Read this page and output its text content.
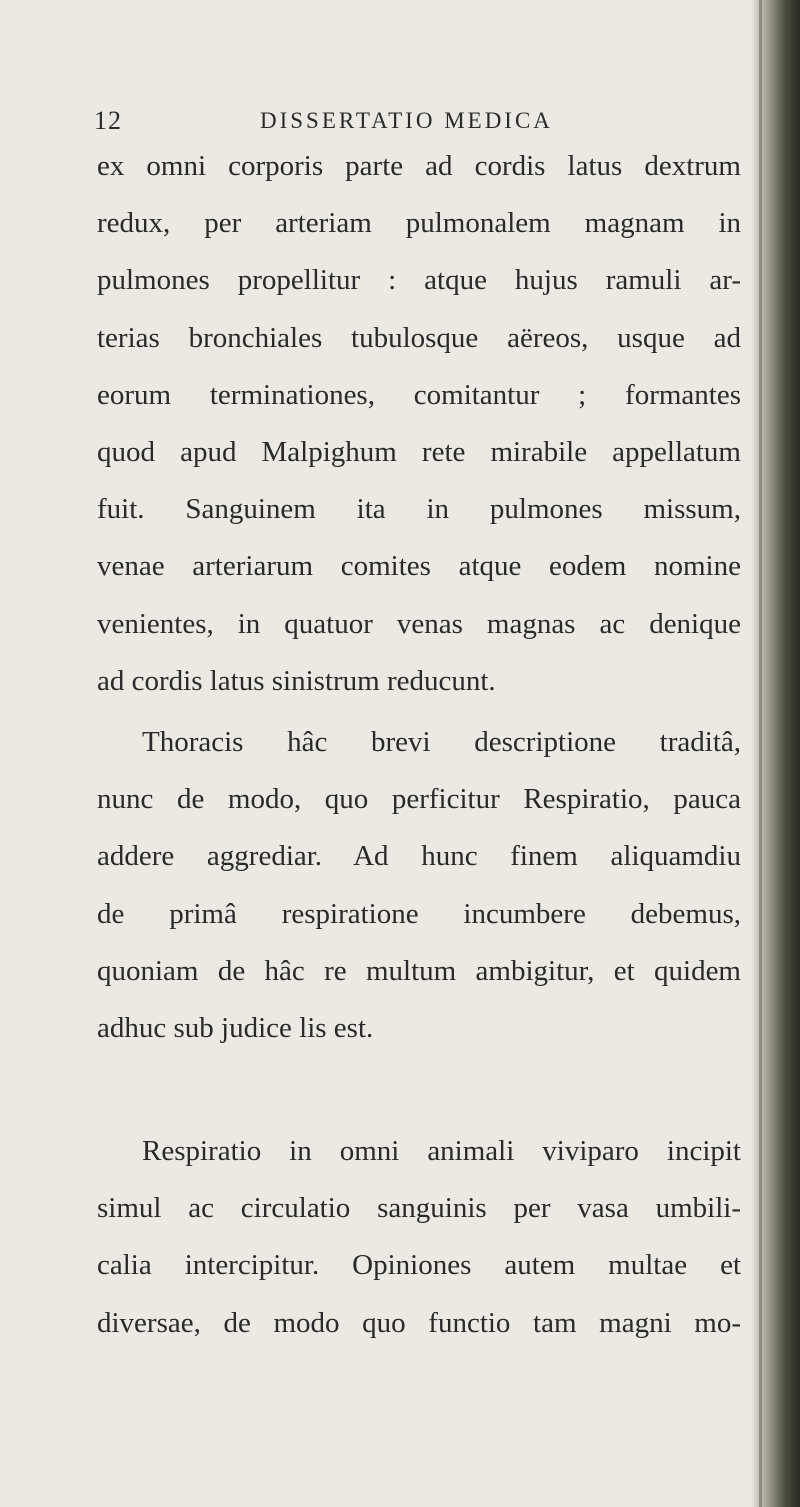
12	DISSERTATIO MEDICA
ex omni corporis parte ad cordis latus dextrum
redux, per arteriam pulmonalem magnam in
pulmones propellitur : atque hujus ramuli ar-
terias bronchiales tubulosque aëreos, usque ad
eorum terminationes, comitantur ; formantes
quod apud Malpighum rete mirabile appellatum
fuit. Sanguinem ita in pulmones missum,
venae arteriarum comites atque eodem nomine
venientes, in quatuor venas magnas ac denique
ad cordis latus sinistrum reducunt.
Thoracis hâc brevi descriptione traditâ,
nunc de modo, quo perficitur Respiratio, pauca
addere aggrediar. Ad hunc finem aliquamdiu
de primâ respiratione incumbere debemus,
quoniam de hâc re multum ambigitur, et quidem
adhuc sub judice lis est.
Respiratio in omni animali viviparo incipit
simul ac circulatio sanguinis per vasa umbili-
calia intercipitur. Opiniones autem multae et
diversae, de modo quo functio tam magni mo-
